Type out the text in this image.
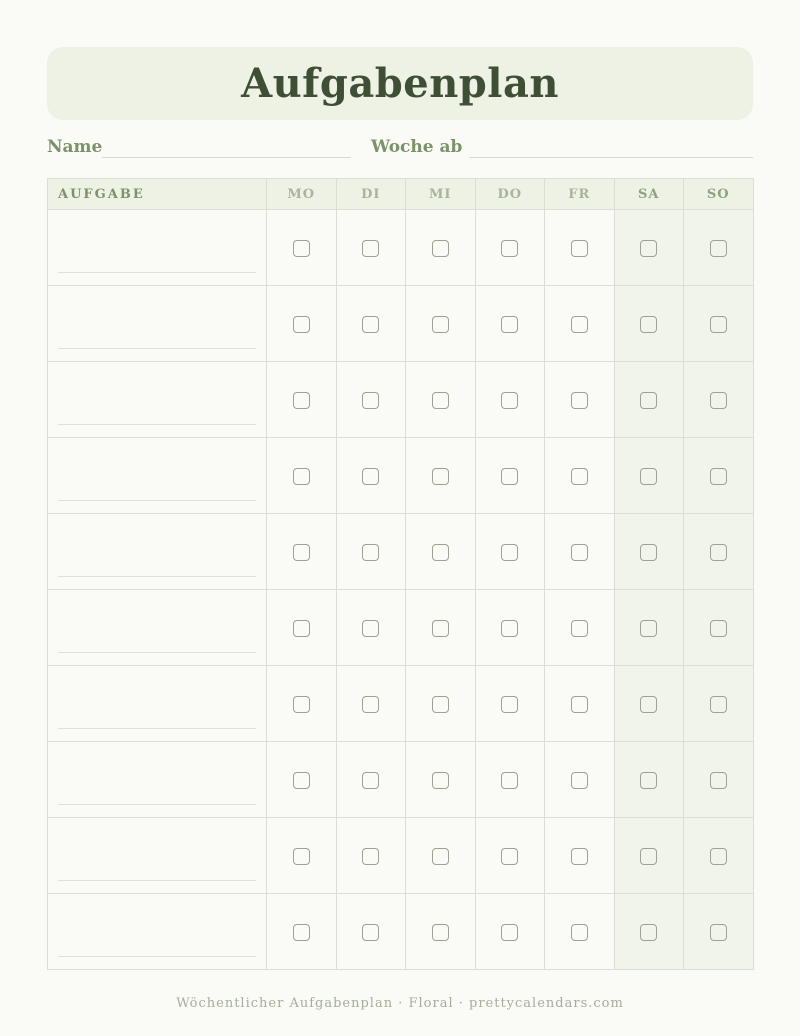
Aufgabenplan
Name	Woche ab
AUFGABE	MO	DI	MI	DO	FR	SA	SO

Wöchentlicher Aufgabenplan · Floral · prettycalendars.com
